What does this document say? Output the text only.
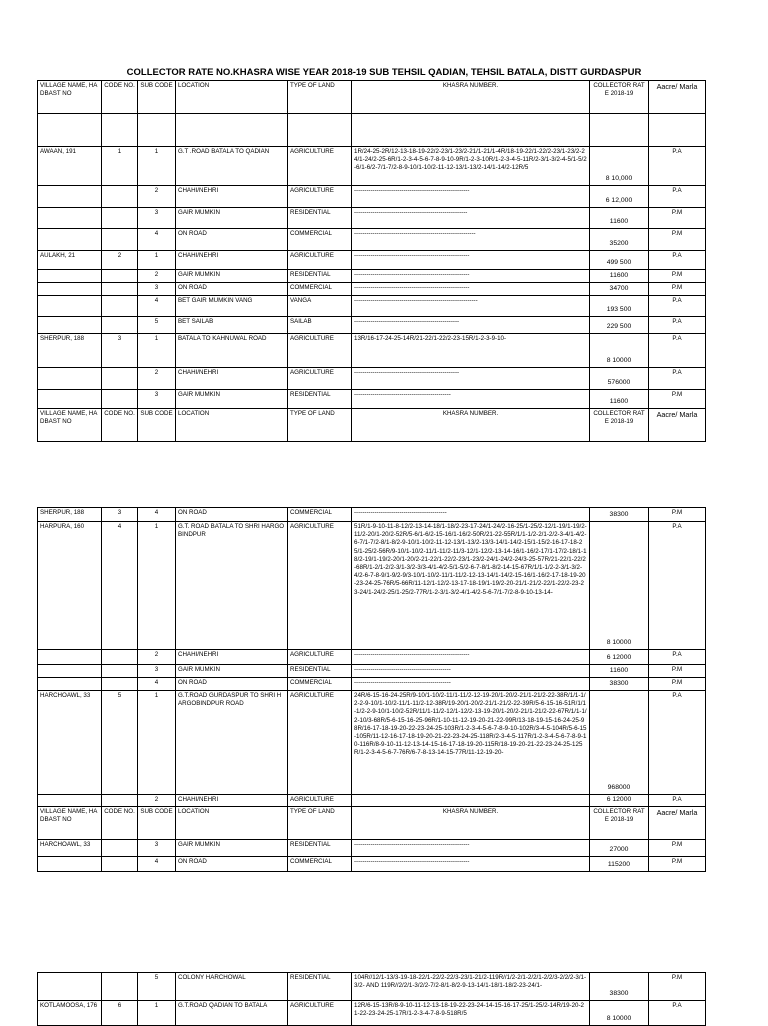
COLLECTOR RATE NO.KHASRA WISE YEAR 2018-19 SUB TEHSIL QADIAN, TEHSIL BATALA, DISTT GURDASPUR
VILLAGE NAME, HADBAST NO	CODE NO.	SUB CODE	LOCATION	TYPE OF LAND	KHASRA NUMBER.	COLLECTOR RATE 2018-19	Aacre/ Marla

AWAAN, 191	1	1	G.T .ROAD BATALA TO QADIAN	AGRICULTURE	1R/24-25-2R/12-13-18-19-22/2-23/1-23/2-21/1-21/1-4R/18-19-22/1-22/2-23/1-23/2-24/1-24/2-25-6R/1-2-3-4-5-6-7-8-9-10-9R/1-2-3-10R/1-2-3-4-5-11R/2-3/1-3/2-4-5/1-5/2-6/1-6/2-7/1-7/2-8-9-10/1-10/2-11-12-13/1-13/2-14/1-14/2-12R/5	8 10,000	P.A
		2	CHAHI/NEHRI	AGRICULTURE	--------------------------------------------------------	6 12,000	P.A
		3	GAIR MUMKIN	RESIDENTIAL	-------------------------------------------------------	11600	P.M
		4	ON ROAD	COMMERCIAL	-----------------------------------------------------------	35200	P.M
AULAKH, 21	2	1	CHAHI/NEHRI	AGRICULTURE	--------------------------------------------------------	499 500	P.A
		2	GAIR MUMKIN	RESIDENTIAL	--------------------------------------------------------	11600	P.M
		3	ON ROAD	COMMERCIAL	--------------------------------------------------------	34700	P.M
		4	BET GAIR MUMKIN VANG	VANGA	------------------------------------------------------------	193 500	P.A
		5	BET SAILAB	SAILAB	---------------------------------------------------	229 500	P.A
SHERPUR, 188	3	1	BATALA TO KAHNUWAL ROAD	AGRICULTURE	13R/16-17-24-25-14R/21-22/1-22/2-23-15R/1-2-3-9-10-	8 10000	P.A
		2	CHAHI/NEHRI	AGRICULTURE	---------------------------------------------------	576000	P.A
		3	GAIR MUMKIN	RESIDENTIAL	-----------------------------------------------	11600	P.M
VILLAGE NAME, HADBAST NO	CODE NO.	SUB CODE	LOCATION	TYPE OF LAND	KHASRA NUMBER.	COLLECTOR RATE 2018-19	Aacre/ Marla
SHERPUR, 188	3	4	ON ROAD	COMMERCIAL	---------------------------------------------	38300	P.M
HARPURA, 160	4	1	G.T. ROAD BATALA TO SHRI HARGOBINDPUR	AGRICULTURE	51R/1-9-10-11-8-12/2-13-14-18/1-18/2-23-17-24/1-24/2-16-25/1-25/2-12/1-19/1-19/2-11/2-20/1-20/2-52R/5-6/1-6/2-15-16/1-16/2-50R/21-22-55R/1/1-1/2-2/1-2/2-3-4/1-4/2-6-7/1-7/2-8/1-8/2-9-10/1-10/2-11-12-13/1-13/2-13/3-14/1-14/2-15/1-15/2-16-17-18-25/1-25/2-56R/9-10/1-10/2-11/1-11/2-11/3-12/1-12/2-13-14-16/1-16/2-17/1-17/2-18/1-18/2-19/1-19/2-20/1-20/2-21-22/1-22/2-23/1-23/2-24/1-24/2-24/3-25-57R/21-22/1-22/2-68R/1-2/1-2/2-3/1-3/2-3/3-4/1-4/2-5/1-5/2-6-7-8/1-8/2-14-15-67R/1/1-1/2-2-3/1-3/2-4/2-6-7-8-9/1-9/2-9/3-10/1-10/2-11/1-11/2-12-13-14/1-14/2-15-16/1-16/2-17-18-19-20-23-24-25-76R/5-66R/11-12/1-12/2-13-17-18-19/1-19/2-20-21/1-21/2-22/1-22/2-23-23-24/1-24/2-25/1-25/2-77R/1-2-3/1-3/2-4/1-4/2-5-6-7/1-7/2-8-9-10-13-14-	8 10000	P.A
		2	CHAHI/NEHRI	AGRICULTURE	--------------------------------------------------------	6 12000	P.A
		3	GAIR MUMKIN	RESIDENTIAL	-----------------------------------------------	11600	P.M
		4	ON ROAD	COMMERCIAL	-----------------------------------------------	38300	P.M
HARCHOAWL, 33	5	1	G.T.ROAD GURDASPUR TO SHRI HARGOBINDPUR ROAD	AGRICULTURE	24R/6-15-16-24-25R/9-10/1-10/2-11/1-11/2-12-19-20/1-20/2-21/1-21/2-22-38R/1/1-1/2-2-9-10/1-10/2-11/1-11/2-12-38R/19-20/1-20/2-21/1-21/2-22-39R/5-6-15-16-51R/1/1-1/2-2-9-10/1-10/2-52R/11/1-11/2-12/1-12/2-13-19-20/1-20/2-21/1-21/2-22-67R/1/1-1/2-10/3-68R/5-6-15-16-25-96R/1-10-11-12-19-20-21-22-99R/13-18-19-15-16-24-25-98R/16-17-18-19-20-22-23-24-25-103R/1-2-3-4-5-6-7-8-9-10-102R/3-4-5-104R/5-6-15-105R/11-12-16-17-18-19-20-21-22-23-24-25-118R/2-3-4-5-117R/1-2-3-4-5-6-7-8-9-10-116R/8-9-10-11-12-13-14-15-16-17-18-19-20-115R/18-19-20-21-22-23-24-25-125R/1-2-3-4-5-6-7-76R/6-7-8-13-14-15-77R/11-12-19-20-	968000	P.A
		2	CHAHI/NEHRI	AGRICULTURE		6 12000	P.A
VILLAGE NAME, HADBAST NO	CODE NO.	SUB CODE	LOCATION	TYPE OF LAND	KHASRA NUMBER.	COLLECTOR RATE 2018-19	Aacre/ Marla
HARCHOAWL, 33		3	GAIR MUMKIN	RESIDENTIAL	--------------------------------------------------------	27000	P.M
		4	ON ROAD	COMMERCIAL	--------------------------------------------------------	115200	P.M
		5	COLONY HARCHOWAL	RESIDENTIAL	104R//12/1-13/3-19-18-22/1-22/2-22/3-23/1-21/2-119R//1/2-2/1-2/2/1-2/2/3-2/2/2-3/1-3/2- AND 119R//2/2/1-3/2/2-7/2-8/1-8/2-9-13-14/1-18/1-18/2-23-24/1-	38300	P.M
KOTLAMOOSA, 176	6	1	G.T.ROAD QADIAN TO BATALA	AGRICULTURE	12R/6-15-13R/8-9-10-11-12-13-18-19-22-23-24-14-15-16-17-25/1-25/2-14R/19-20-21-22-23-24-25-17R/1-2-3-4-7-8-9-518R/5	8 10000	P.A
